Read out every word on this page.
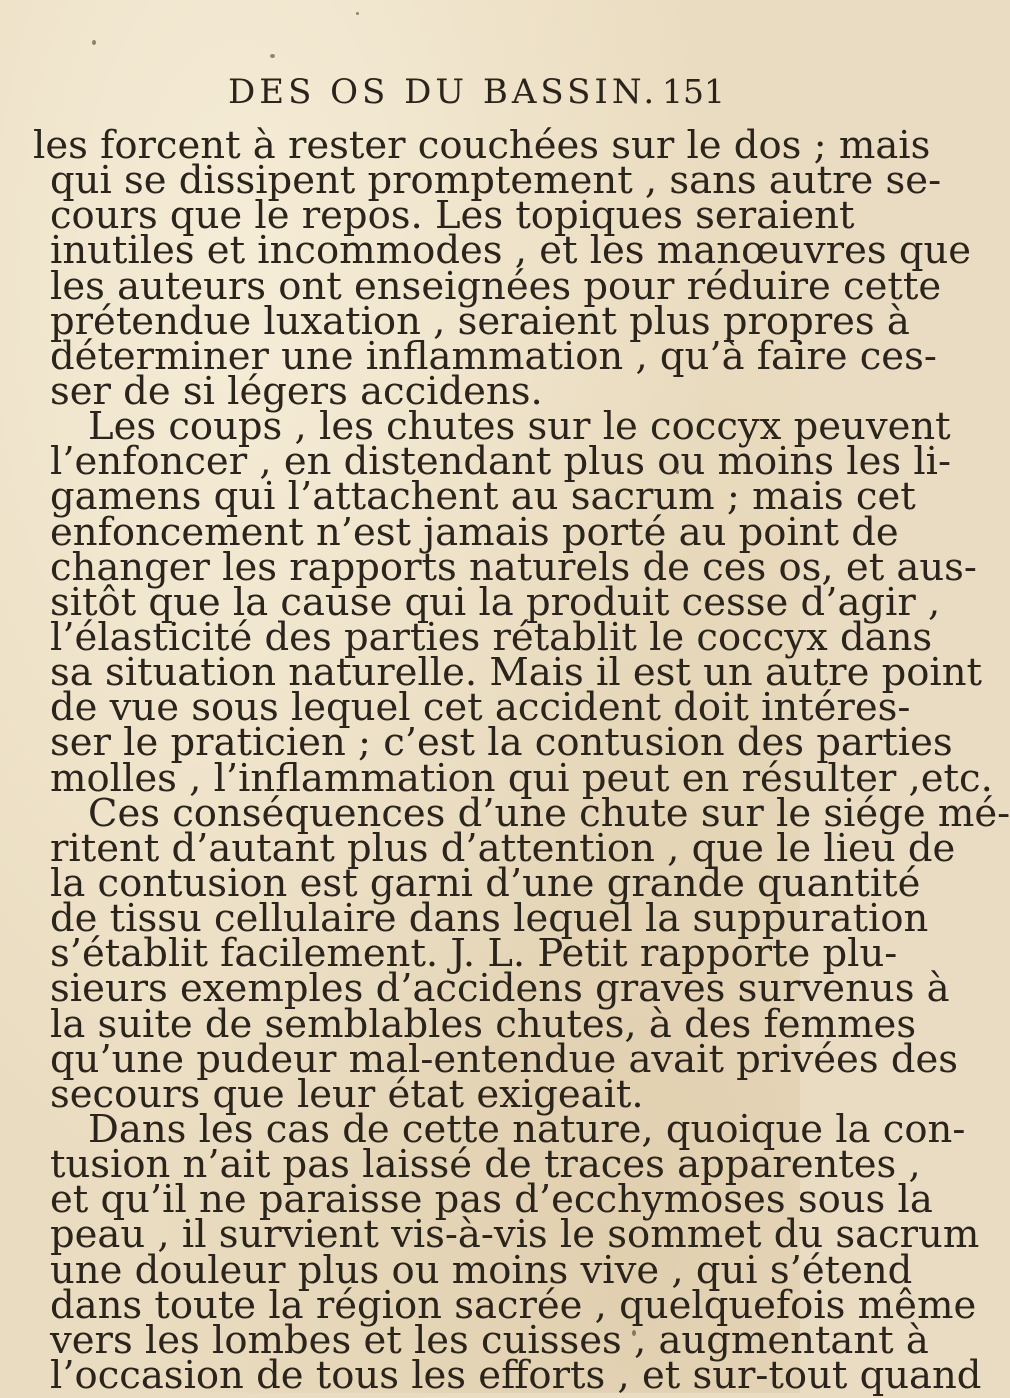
DES OS DU BASSIN. 151
les forcent à rester couchées sur le dos ; mais
qui se dissipent promptement , sans autre se-
cours que le repos. Les topiques seraient
inutiles et incommodes , et les manœuvres que
les auteurs ont enseignées pour réduire cette
prétendue luxation , seraient plus propres à
déterminer une inflammation , qu’à faire ces-
ser de si légers accidens.
Les coups , les chutes sur le coccyx peuvent
l’enfoncer , en distendant plus ou moins les li-
gamens qui l’attachent au sacrum ; mais cet
enfoncement n’est jamais porté au point de
changer les rapports naturels de ces os, et aus-
sitôt que la cause qui la produit cesse d’agir ,
l’élasticité des parties rétablit le coccyx dans
sa situation naturelle. Mais il est un autre point
de vue sous lequel cet accident doit intéres-
ser le praticien ; c’est la contusion des parties
molles , l’inflammation qui peut en résulter ,etc.
Ces conséquences d’une chute sur le siége mé-
ritent d’autant plus d’attention , que le lieu de
la contusion est garni d’une grande quantité
de tissu cellulaire dans lequel la suppuration
s’établit facilement. J. L. Petit rapporte plu-
sieurs exemples d’accidens graves survenus à
la suite de semblables chutes, à des femmes
qu’une pudeur mal-entendue avait privées des
secours que leur état exigeait.
Dans les cas de cette nature, quoique la con-
tusion n’ait pas laissé de traces apparentes ,
et qu’il ne paraisse pas d’ecchymoses sous la
peau , il survient vis-à-vis le sommet du sacrum
une douleur plus ou moins vive , qui s’étend
dans toute la région sacrée , quelquefois même
vers les lombes et les cuisses , augmentant à
l’occasion de tous les efforts , et sur-tout quand
